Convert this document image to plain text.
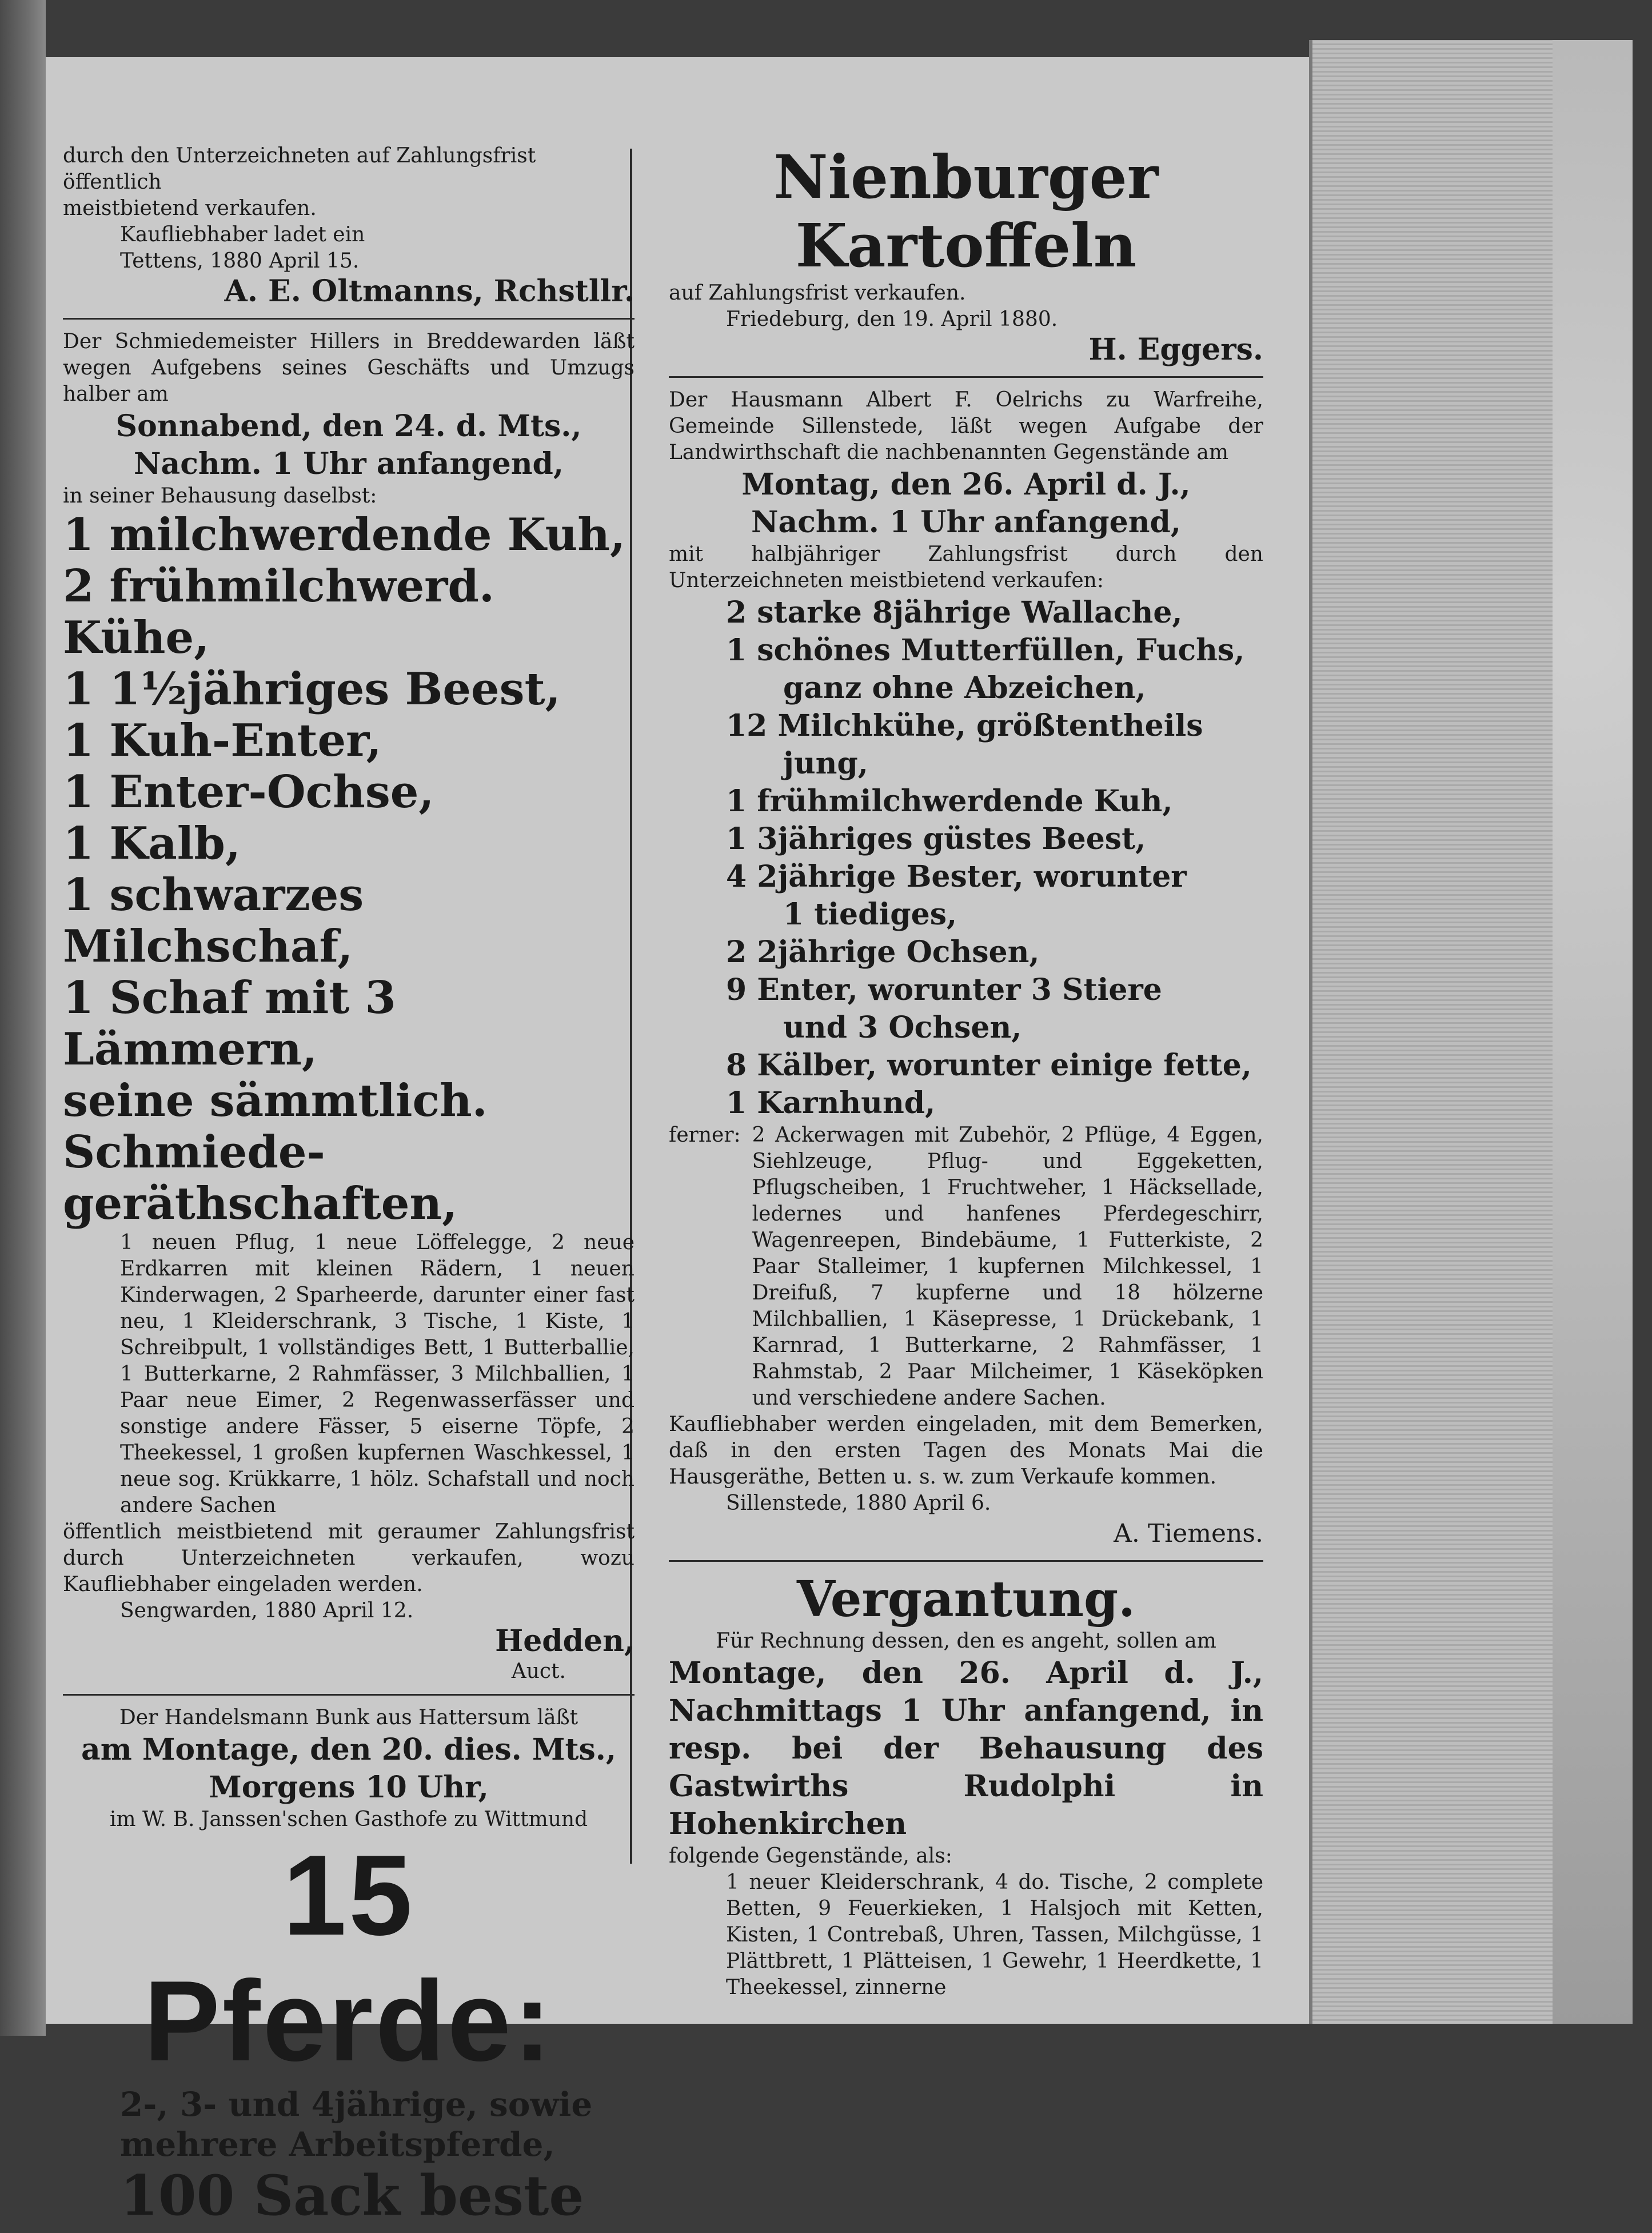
durch den Unterzeichneten auf Zahlungsfrist öffentlich
meistbietend verkaufen.
Kaufliebhaber ladet ein
Tettens, 1880 April 15.
A. E. Oltmanns, Rchstllr.
Der Schmiedemeister Hillers in Breddewarden läßt wegen Aufgebens seines Geschäfts und Umzugs halber am
Sonnabend, den 24. d. Mts.,
Nachm. 1 Uhr anfangend,
in seiner Behausung daselbst:
1 milchwerdende Kuh,
2 frühmilchwerd. Kühe,
1 1½jähriges Beest,
1 Kuh-Enter,
1 Enter-Ochse,
1 Kalb,
1 schwarzes Milchschaf,
1 Schaf mit 3 Lämmern,
seine sämmtlich. Schmiede-
geräthschaften,
1 neuen Pflug, 1 neue Löffelegge, 2 neue Erdkarren mit kleinen Rädern, 1 neuen Kinderwagen, 2 Sparheerde, darunter einer fast neu, 1 Kleiderschrank, 3 Tische, 1 Kiste, 1 Schreibpult, 1 vollständiges Bett, 1 Butterballie, 1 Butterkarne, 2 Rahmfässer, 3 Milchballien, 1 Paar neue Eimer, 2 Regenwasserfässer und sonstige andere Fässer, 5 eiserne Töpfe, 2 Theekessel, 1 großen kupfernen Waschkessel, 1 neue sog. Krükkarre, 1 hölz. Schafstall und noch andere Sachen
öffentlich meistbietend mit geraumer Zahlungsfrist durch Unterzeichneten verkaufen, wozu Kaufliebhaber eingeladen werden.
Sengwarden, 1880 April 12.
Hedden,
Auct.
Der Handelsmann Bunk aus Hattersum läßt
am Montage, den 20. dies. Mts.,
Morgens 10 Uhr,
im W. B. Janssen'schen Gasthofe zu Wittmund
15 Pferde:
2-, 3- und 4jährige, sowie
mehrere Arbeitspferde,
100 Sack beste
Nienburger Kartoffeln
auf Zahlungsfrist verkaufen.
Friedeburg, den 19. April 1880.
H. Eggers.
Der Hausmann Albert F. Oelrichs zu Warfreihe, Gemeinde Sillenstede, läßt wegen Aufgabe der Landwirthschaft die nachbenannten Gegenstände am
Montag, den 26. April d. J.,
Nachm. 1 Uhr anfangend,
mit halbjähriger Zahlungsfrist durch den Unterzeichneten meistbietend verkaufen:
2 starke 8jährige Wallache,
1 schönes Mutterfüllen, Fuchs,
ganz ohne Abzeichen,
12 Milchkühe, größtentheils
jung,
1 frühmilchwerdende Kuh,
1 3jähriges güstes Beest,
4 2jährige Bester, worunter
1 tiediges,
2 2jährige Ochsen,
9 Enter, worunter 3 Stiere
und 3 Ochsen,
8 Kälber, worunter einige fette,
1 Karnhund,
ferner: 2 Ackerwagen mit Zubehör, 2 Pflüge, 4 Eggen, Siehlzeuge, Pflug- und Eggeketten, Pflugscheiben, 1 Fruchtweher, 1 Häcksellade, ledernes und hanfenes Pferdegeschirr, Wagenreepen, Bindebäume, 1 Futterkiste, 2 Paar Stalleimer, 1 kupfernen Milchkessel, 1 Dreifuß, 7 kupferne und 18 hölzerne Milchballien, 1 Käsepresse, 1 Drückebank, 1 Karnrad, 1 Butterkarne, 2 Rahmfässer, 1 Rahmstab, 2 Paar Milcheimer, 1 Käseköpken und verschiedene andere Sachen.
Kaufliebhaber werden eingeladen, mit dem Bemerken, daß in den ersten Tagen des Monats Mai die Hausgeräthe, Betten u. s. w. zum Verkaufe kommen.
Sillenstede, 1880 April 6.
A. Tiemens.
Vergantung.
Für Rechnung dessen, den es angeht, sollen am
Montage, den 26. April d. J., Nachmittags 1 Uhr anfangend, in resp. bei der Behausung des Gastwirths Rudolphi in Hohenkirchen
folgende Gegenstände, als:
1 neuer Kleiderschrank, 4 do. Tische, 2 complete Betten, 9 Feuerkieken, 1 Halsjoch mit Ketten, Kisten, 1 Contrebaß, Uhren, Tassen, Milchgüsse, 1 Plättbrett, 1 Plätteisen, 1 Gewehr, 1 Heerdkette, 1 Theekessel, zinnerne
